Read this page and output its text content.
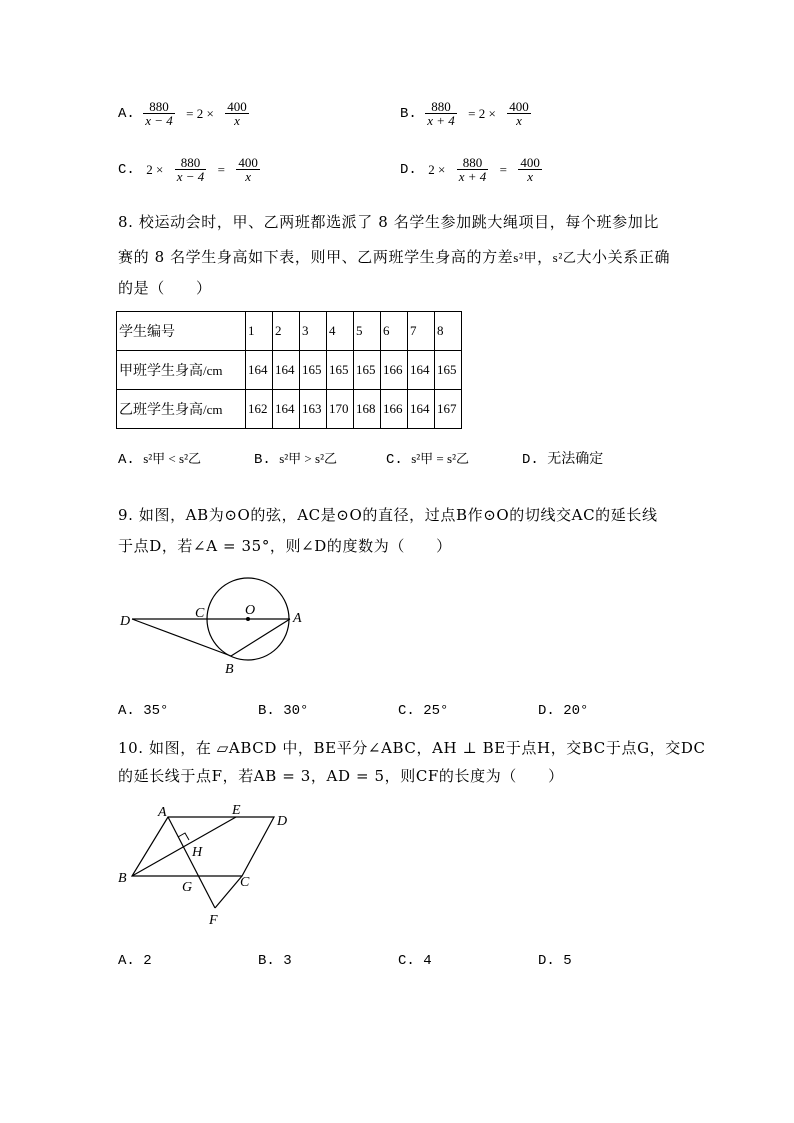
A. $\frac{880}{x - 4} = 2 \times \frac{400}{x}$	B. $\frac{880}{x + 4} = 2 \times \frac{400}{x}$
C. $2 \times \frac{880}{x - 4} = \frac{400}{x}$	D. $2 \times \frac{880}{x + 4} = \frac{400}{x}$
8. 校运动会时，甲、乙两班都选派了 8 名学生参加跳大绳项目，每个班参加比
赛的 8 名学生身高如下表，则甲、乙两班学生身高的方差s²甲，s²乙大小关系正确
的是（　　）
学生编号	1	2	3	4	5	6	7	8
甲班学生身高/cm	164	164	165	165	165	166	164	165
乙班学生身高/cm	162	164	163	170	168	166	164	167
A. s²甲 < s²乙	B. s²甲 > s²乙	C. s²甲 = s²乙	D. 无法确定
9. 如图，AB为⊙O的弦，AC是⊙O的直径，过点B作⊙O的切线交AC的延长线
于点D，若∠A = 35°，则∠D的度数为（　　）
D
C	O
A
B
A. 35°	B. 30°	C. 25°	D. 20°
10. 如图，在 ▱ABCD 中，BE平分∠ABC，AH ⊥ BE于点H，交BC于点G，交DC
的延长线于点F，若AB = 3，AD = 5，则CF的长度为（　　）
A	E
D
H
B
G	C
F
A. 2	B. 3	C. 4	D. 5
